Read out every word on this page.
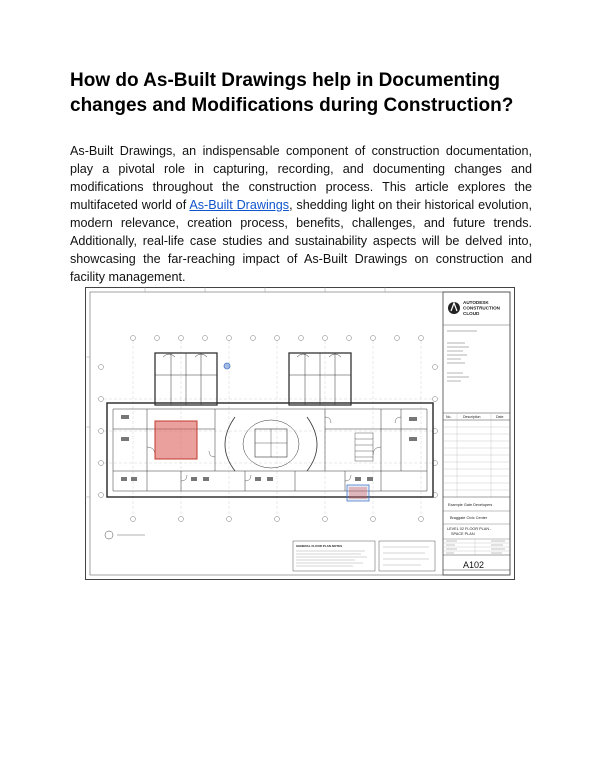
How do As-Built Drawings help in Documenting changes and Modifications during Construction?

As-Built Drawings, an indispensable component of construction documentation, play a pivotal role in capturing, recording, and documenting changes and modifications throughout the construction process. This article explores the multifaceted world of As-Built Drawings, shedding light on their historical evolution, modern relevance, creation process, benefits, challenges, and future trends. Additionally, real-life case studies and sustainability aspects will be delved into, showcasing the far-reaching impact of As-Built Drawings on construction and facility management.

AUTODESK
CONSTRUCTION
CLOUD
No.	Description	Date
Example Gate Developers
Braggate Civic Center
LEVEL 02 FLOOR PLAN -
SPACE PLAN
A102
GENERAL FLOOR PLAN NOTES
